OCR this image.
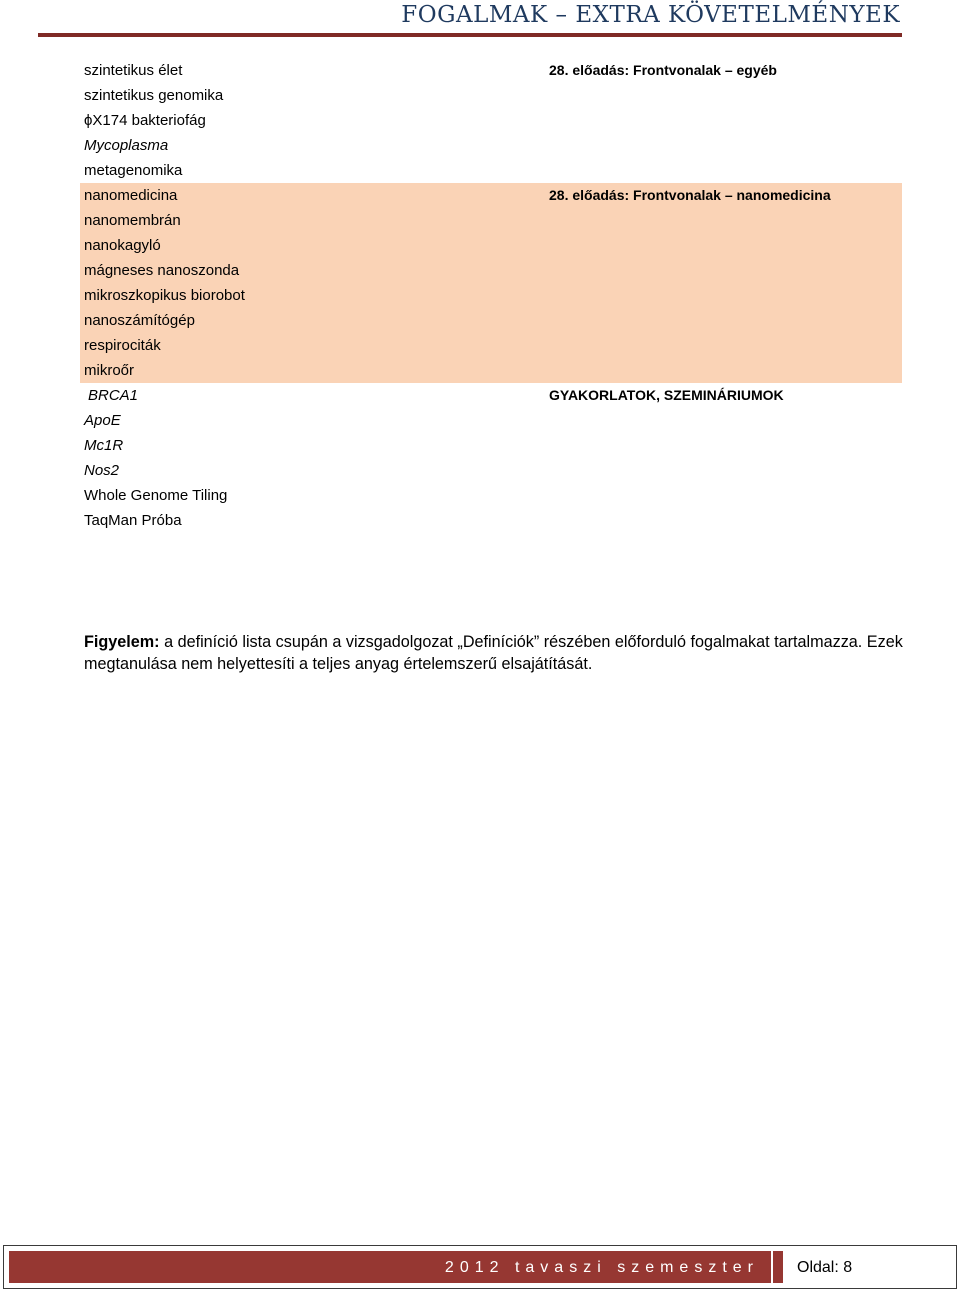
FOGALMAK – EXTRA KÖVETELMÉNYEK
szintetikus élet	28. előadás: Frontvonalak – egyéb
szintetikus genomika
ϕX174 bakteriofág
Mycoplasma
metagenomika
nanomedicina	28. előadás: Frontvonalak – nanomedicina
nanomembrán
nanokagyló
mágneses nanoszonda
mikroszkopikus biorobot
nanoszámítógép
respirociták
mikroőr
BRCA1	GYAKORLATOK, SZEMINÁRIUMOK
ApoE
Mc1R
Nos2
Whole Genome Tiling
TaqMan Próba
Figyelem: a definíció lista csupán a vizsgadolgozat „Definíciók” részében előforduló fogalmakat tartalmazza. Ezek megtanulása nem helyettesíti a teljes anyag értelemszerű elsajátítását.
2012 tavaszi szemeszter	Oldal: 8
